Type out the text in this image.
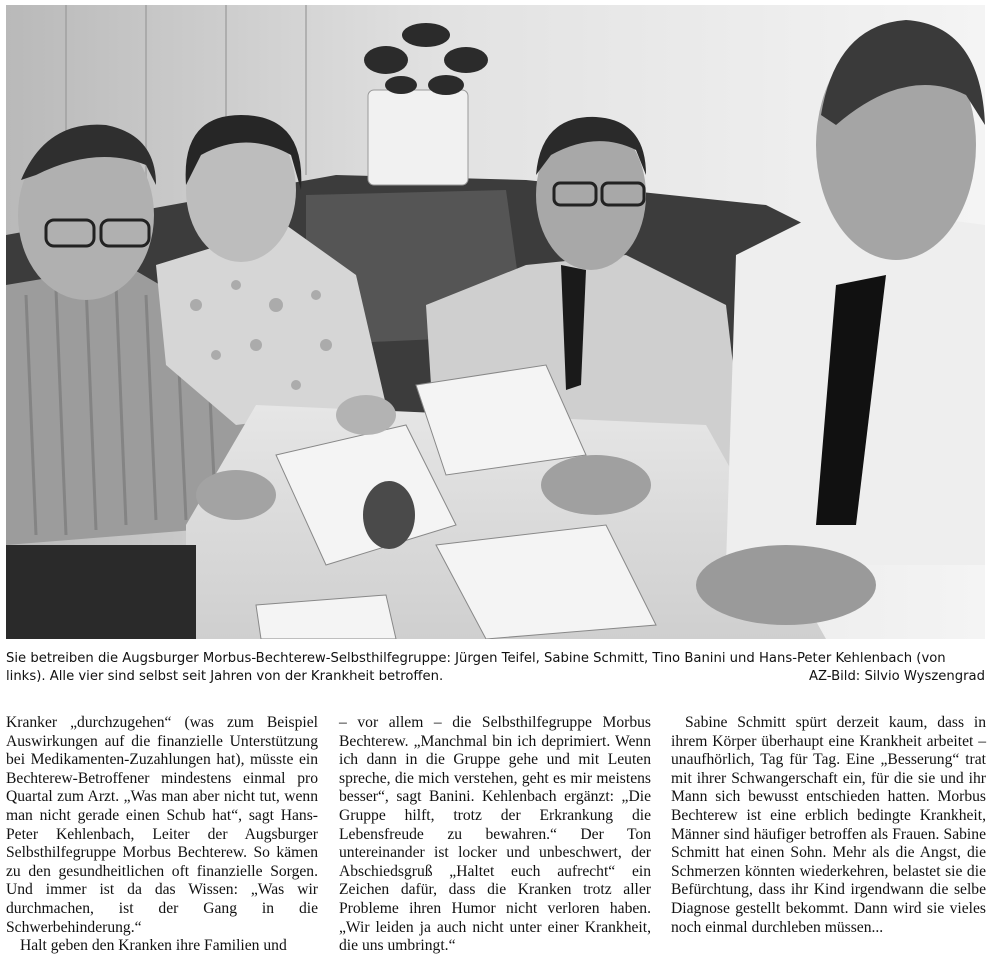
Sie betreiben die Augsburger Morbus-Bechterew-Selbsthilfegruppe: Jürgen Teifel, Sabine Schmitt, Tino Banini und Hans-Peter Kehlenbach (von links). Alle vier sind selbst seit Jahren von der Krankheit betroffen.	AZ-Bild: Silvio Wyszengrad

Kranker „durchzugehen“ (was zum Beispiel Auswirkungen auf die finanzielle Unterstützung bei Medikamenten-Zuzahlungen hat), müsste ein Bechterew-Betroffener mindestens einmal pro Quartal zum Arzt. „Was man aber nicht tut, wenn man nicht gerade einen Schub hat“, sagt Hans-Peter Kehlenbach, Leiter der Augsburger Selbsthilfegruppe Morbus Bechterew. So kämen zu den gesundheitlichen oft finanzielle Sorgen. Und immer ist da das Wissen: „Was wir durchmachen, ist der Gang in die Schwerbehinderung.“

Halt geben den Kranken ihre Familien und

– vor allem – die Selbsthilfegruppe Morbus Bechterew. „Manchmal bin ich deprimiert. Wenn ich dann in die Gruppe gehe und mit Leuten spreche, die mich verstehen, geht es mir meistens besser“, sagt Banini. Kehlenbach ergänzt: „Die Gruppe hilft, trotz der Erkrankung die Lebensfreude zu bewahren.“ Der Ton untereinander ist locker und unbeschwert, der Abschiedsgruß „Haltet euch aufrecht“ ein Zeichen dafür, dass die Kranken trotz aller Probleme ihren Humor nicht verloren haben. „Wir leiden ja auch nicht unter einer Krankheit, die uns umbringt.“

Sabine Schmitt spürt derzeit kaum, dass in ihrem Körper überhaupt eine Krankheit arbeitet – unaufhörlich, Tag für Tag. Eine „Besserung“ trat mit ihrer Schwangerschaft ein, für die sie und ihr Mann sich bewusst entschieden hatten. Morbus Bechterew ist eine erblich bedingte Krankheit, Männer sind häufiger betroffen als Frauen. Sabine Schmitt hat einen Sohn. Mehr als die Angst, die Schmerzen könnten wiederkehren, belastet sie die Befürchtung, dass ihr Kind irgendwann die selbe Diagnose gestellt bekommt. Dann wird sie vieles noch einmal durchleben müssen...
